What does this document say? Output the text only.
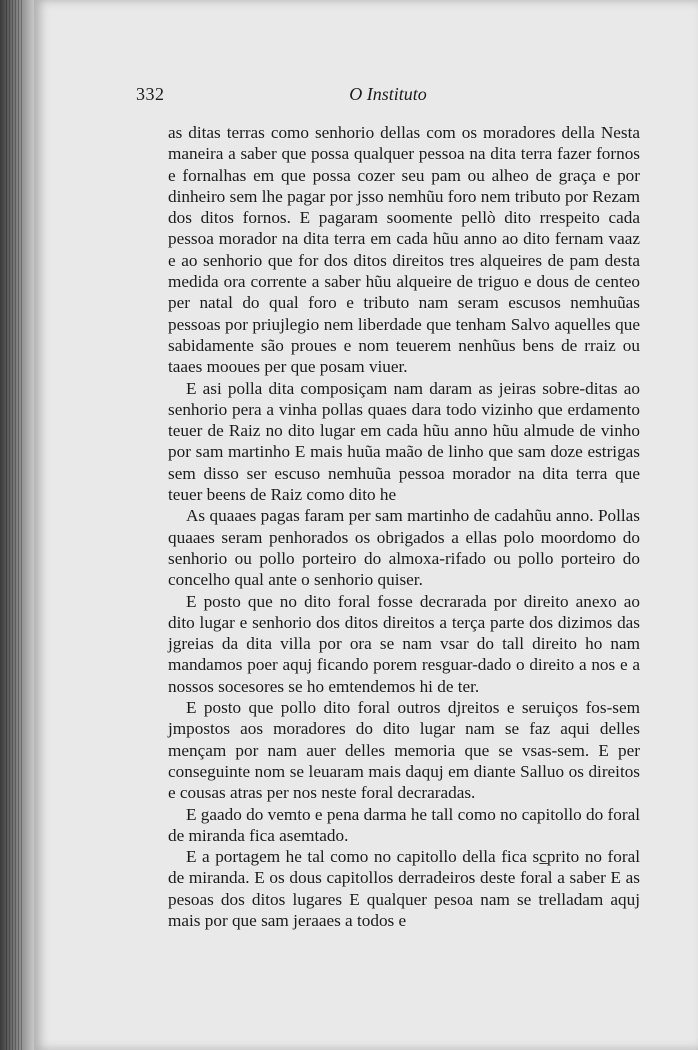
332	O Instituto

as ditas terras como senhorio dellas com os moradores della Nesta maneira a saber que possa qualquer pessoa na dita terra fazer fornos e fornalhas em que possa cozer seu pam ou alheo de graça e por dinheiro sem lhe pagar por jsso nemhũu foro nem tributo por Rezam dos ditos fornos. E pagaram soomente pellò dito rrespeito cada pessoa morador na dita terra em cada hũu anno ao dito fernam vaaz e ao senhorio que for dos ditos direitos tres alqueires de pam desta medida ora corrente a saber hũu alqueire de triguo e dous de centeo per natal do qual foro e tributo nam seram escusos nemhuũas pessoas por priujlegio nem liberdade que tenham Salvo aquelles que sabidamente são proues e nom teuerem nenhũus bens de rraiz ou taaes mooues per que posam viuer.

E asi polla dita composiçam nam daram as jeiras sobre-ditas ao senhorio pera a vinha pollas quaes dara todo vizinho que erdamento teuer de Raiz no dito lugar em cada hũu anno hũu almude de vinho por sam martinho E mais huũa maão de linho que sam doze estrigas sem disso ser escuso nemhuũa pessoa morador na dita terra que teuer beens de Raiz como dito he

As quaaes pagas faram per sam martinho de cadahũu anno. Pollas quaaes seram penhorados os obrigados a ellas polo moordomo do senhorio ou pollo porteiro do almoxa-rifado ou pollo porteiro do concelho qual ante o senhorio quiser.

E posto que no dito foral fosse decrarada por direito anexo ao dito lugar e senhorio dos ditos direitos a terça parte dos dizimos das jgreias da dita villa por ora se nam vsar do tall direito ho nam mandamos poer aquj ficando porem resguar-dado o direito a nos e a nossos socesores se ho emtendemos hi de ter.

E posto que pollo dito foral outros djreitos e seruiços fos-sem jmpostos aos moradores do dito lugar nam se faz aqui delles mençam por nam auer delles memoria que se vsas-sem. E per conseguinte nom se leuaram mais daquj em diante Salluo os direitos e cousas atras per nos neste foral decraradas.

E gaado do vemto e pena darma he tall como no capitollo do foral de miranda fica asemtado.

E a portagem he tal como no capitollo della fica sc̲prito no foral de miranda. E os dous capitollos derradeiros deste foral a saber E as pesoas dos ditos lugares E qualquer pesoa nam se trelladam aquj mais por que sam jeraaes a todos e
